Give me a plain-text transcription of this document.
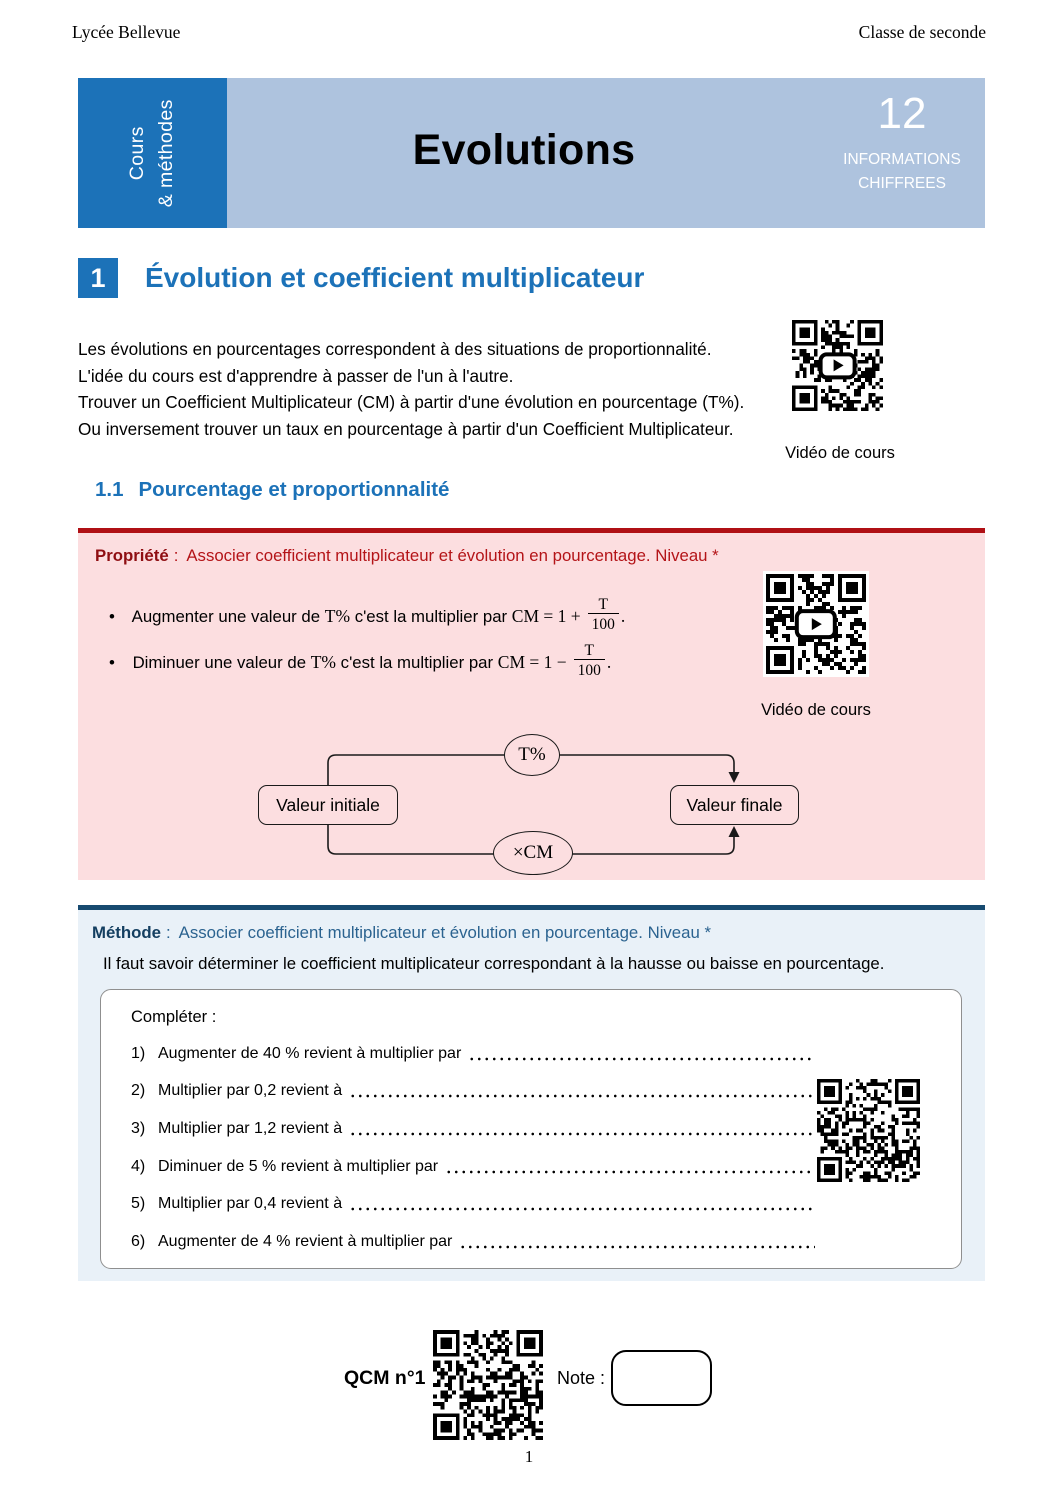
Lycée Bellevue	Classe de seconde
Cours & méthodes	Evolutions
12
INFORMATIONS
CHIFFREES
1	Évolution et coefficient multiplicateur
Les évolutions en pourcentages correspondent à des situations de proportionnalité.
L'idée du cours est d'apprendre à passer de l'un à l'autre.
Trouver un Coefficient Multiplicateur (CM) à partir d'une évolution en pourcentage (T%).
Ou inversement trouver un taux en pourcentage à partir d'un Coefficient Multiplicateur.
Vidéo de cours
1.1 Pourcentage et proportionnalité
Propriété : Associer coefficient multiplicateur et évolution en pourcentage. Niveau *
• Augmenter une valeur de T% c'est la multiplier par CM = $1 + \frac{T}{100}$ .
• Diminuer une valeur de T% c'est la multiplier par CM = $1 - \frac{T}{100}$ .
Vidéo de cours
Valeur initiale	Valeur finale
T%
×CM
Méthode : Associer coefficient multiplicateur et évolution en pourcentage. Niveau *
Il faut savoir déterminer le coefficient multiplicateur correspondant à la hausse ou baisse en pourcentage.
Compléter :
1) Augmenter de 40 % revient à multiplier par
2) Multiplier par 0,2 revient à
3) Multiplier par 1,2 revient à
4) Diminuer de 5 % revient à multiplier par
5) Multiplier par 0,4 revient à
6) Augmenter de 4 % revient à multiplier par
QCM n°1	Note :
1
